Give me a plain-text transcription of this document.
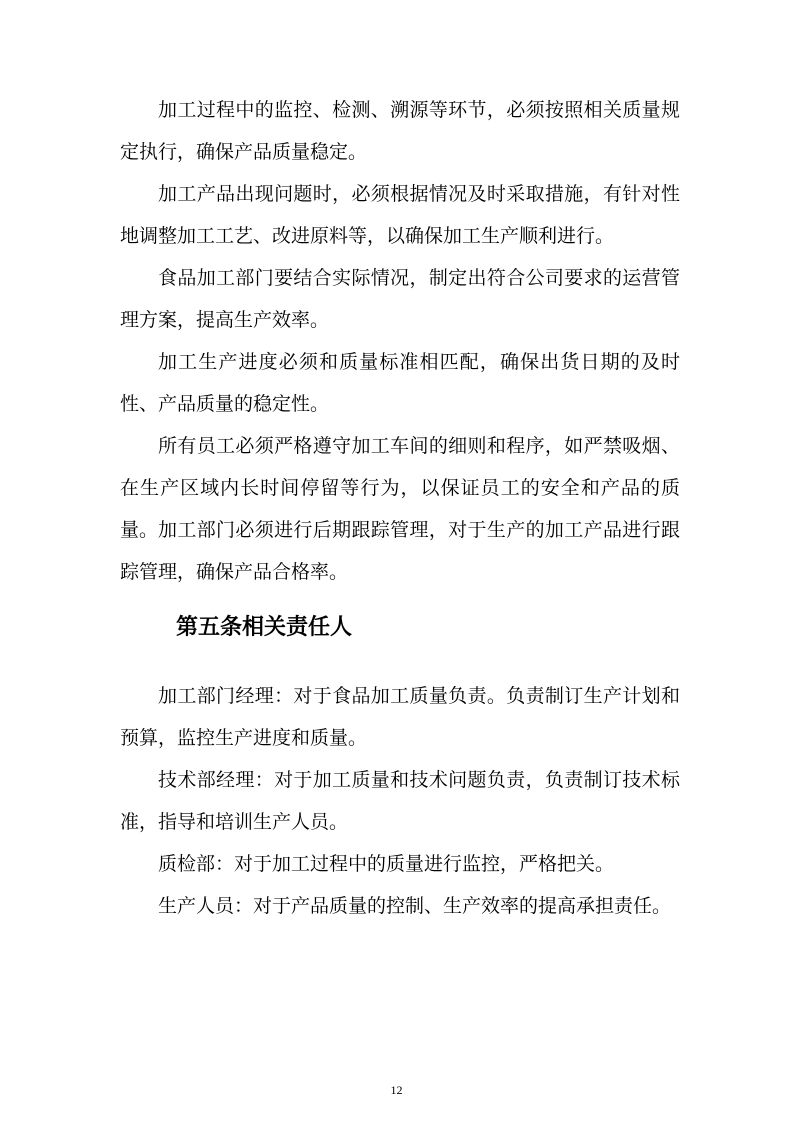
加工过程中的监控、检测、溯源等环节，必须按照相关质量规定执行，确保产品质量稳定。

加工产品出现问题时，必须根据情况及时采取措施，有针对性地调整加工工艺、改进原料等，以确保加工生产顺利进行。

食品加工部门要结合实际情况，制定出符合公司要求的运营管理方案，提高生产效率。

加工生产进度必须和质量标准相匹配，确保出货日期的及时性、产品质量的稳定性。

所有员工必须严格遵守加工车间的细则和程序，如严禁吸烟、在生产区域内长时间停留等行为，以保证员工的安全和产品的质量。 加工部门必须进行后期跟踪管理，对于生产的加工产品进行跟踪管理，确保产品合格率。

第五条相关责任人

加工部门经理：对于食品加工质量负责。负责制订生产计划和预算，监控生产进度和质量。

技术部经理：对于加工质量和技术问题负责，负责制订技术标准，指导和培训生产人员。

质检部：对于加工过程中的质量进行监控，严格把关。

生产人员：对于产品质量的控制、生产效率的提高承担责任。

12
